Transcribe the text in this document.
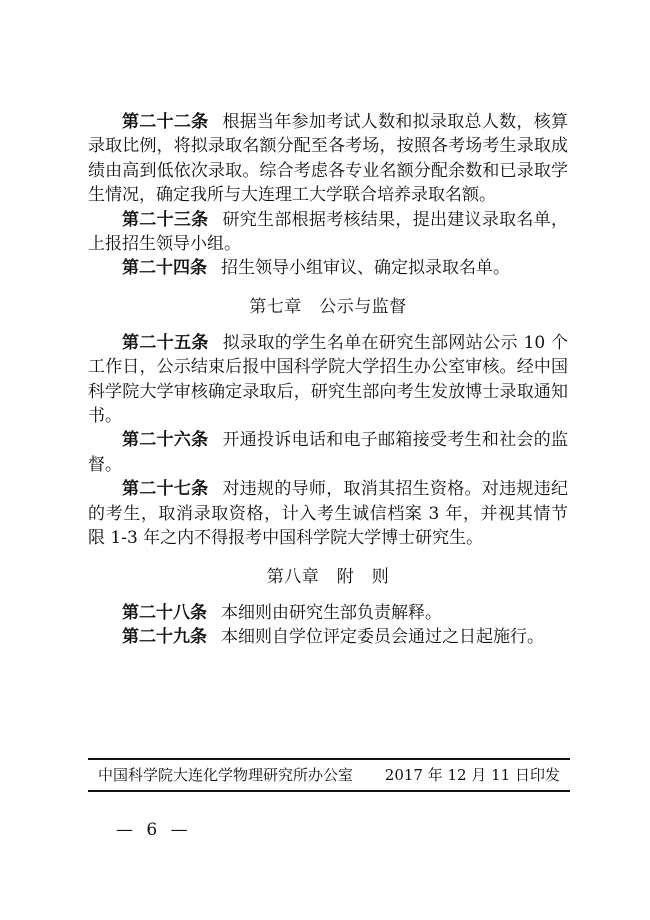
第二十二条 根据当年参加考试人数和拟录取总人数，核算录取比例，将拟录取名额分配至各考场，按照各考场考生录取成绩由高到低依次录取。综合考虑各专业名额分配余数和已录取学生情况，确定我所与大连理工大学联合培养录取名额。

第二十三条 研究生部根据考核结果，提出建议录取名单，上报招生领导小组。

第二十四条 招生领导小组审议、确定拟录取名单。

第七章　公示与监督

第二十五条 拟录取的学生名单在研究生部网站公示 10 个工作日，公示结束后报中国科学院大学招生办公室审核。经中国科学院大学审核确定录取后，研究生部向考生发放博士录取通知书。

第二十六条 开通投诉电话和电子邮箱接受考生和社会的监督。

第二十七条 对违规的导师，取消其招生资格。对违规违纪的考生，取消录取资格，计入考生诚信档案 3 年，并视其情节限 1-3 年之内不得报考中国科学院大学博士研究生。

第八章　附　则

第二十八条 本细则由研究生部负责解释。

第二十九条 本细则自学位评定委员会通过之日起施行。

中国科学院大连化学物理研究所办公室 2017 年 12 月 11 日印发
— 6 —
